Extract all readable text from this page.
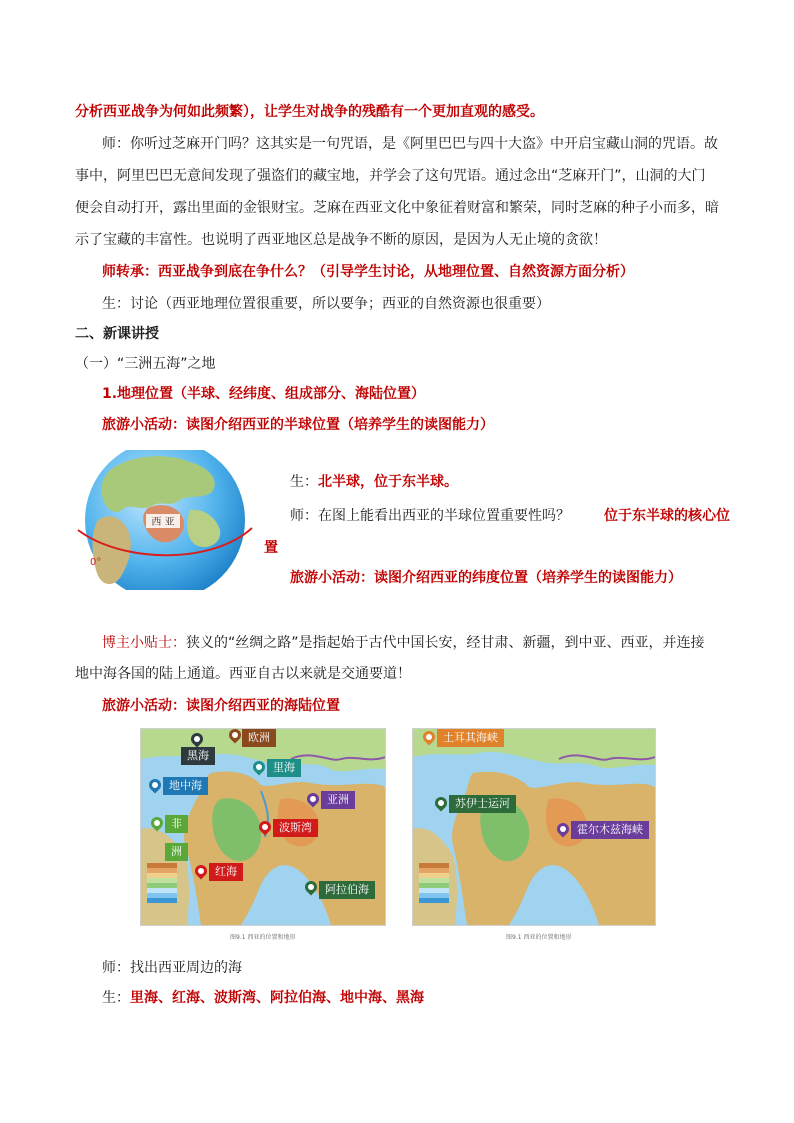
分析西亚战争为何如此频繁），让学生对战争的残酷有一个更加直观的感受。
师：你听过芝麻开门吗？这其实是一句咒语，是《阿里巴巴与四十大盗》中开启宝藏山洞的咒语。故
事中，阿里巴巴无意间发现了强盗们的藏宝地，并学会了这句咒语。通过念出“芝麻开门”，山洞的大门
便会自动打开，露出里面的金银财宝。芝麻在西亚文化中象征着财富和繁荣，同时芝麻的种子小而多，暗
示了宝藏的丰富性。也说明了西亚地区总是战争不断的原因，是因为人无止境的贪欲！
师转承：西亚战争到底在争什么？（引导学生讨论，从地理位置、自然资源方面分析）
生：讨论（西亚地理位置很重要，所以要争；西亚的自然资源也很重要）
二、新课讲授
（一）“三洲五海”之地
1.地理位置（半球、经纬度、组成部分、海陆位置）
旅游小活动：读图介绍西亚的半球位置（培养学生的读图能力）
西 亚
0°
生：北半球，位于东半球。
师：在图上能看出西亚的半球位置重要性吗？ 位于东半球的核心位
置
旅游小活动：读图介绍西亚的纬度位置（培养学生的读图能力）
博主小贴士：狭义的“丝绸之路”是指起始于古代中国长安，经甘肃、新疆，到中亚、西亚，并连接
地中海各国的陆上通道。西亚自古以来就是交通要道！
旅游小活动：读图介绍西亚的海陆位置
欧洲
黑海
里海
地中海
亚洲
非
洲
波斯湾
红海
阿拉伯海
图9.1 西亚的位置和地形
土耳其海峡
苏伊士运河
霍尔木兹海峡
图9.1 西亚的位置和地形
师：找出西亚周边的海
生：里海、红海、波斯湾、阿拉伯海、地中海、黑海
